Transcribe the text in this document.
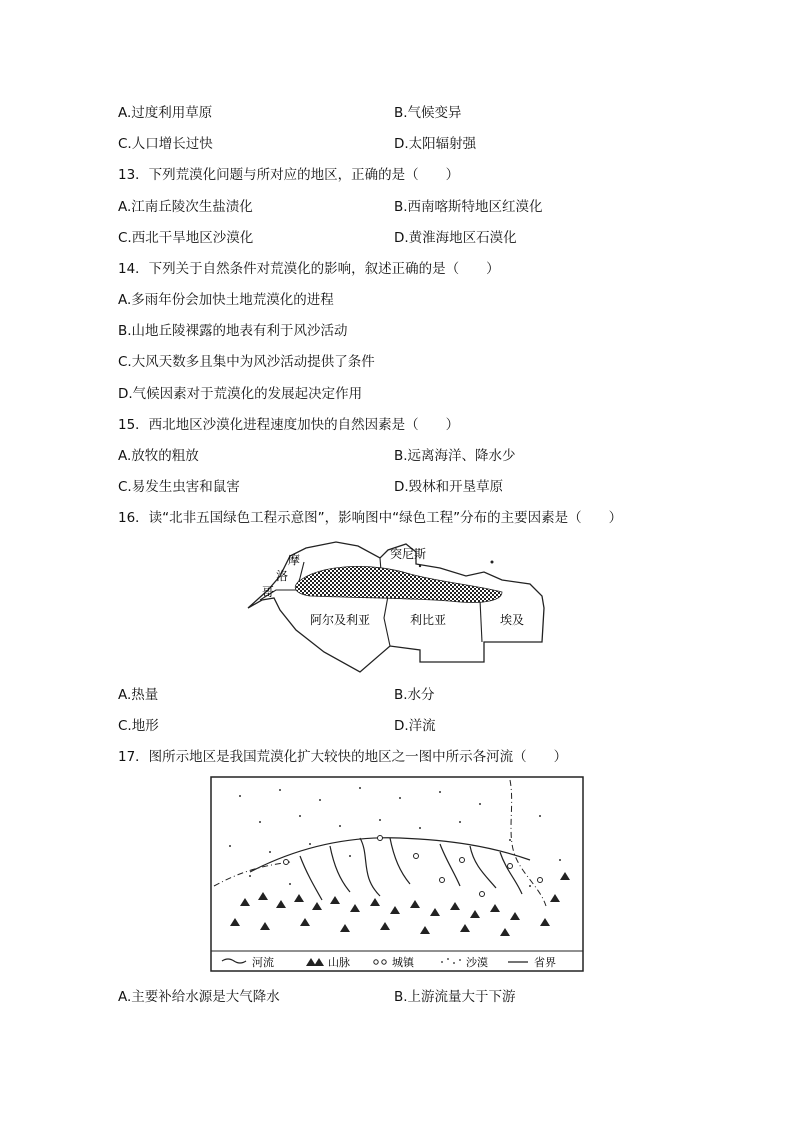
A.过度利用草原	B.气候变异
C.人口增长过快	D.太阳辐射强
13．下列荒漠化问题与所对应的地区，正确的是（　　）
A.江南丘陵次生盐渍化	B.西南喀斯特地区红漠化
C.西北干旱地区沙漠化	D.黄淮海地区石漠化
14．下列关于自然条件对荒漠化的影响，叙述正确的是（　　）
A.多雨年份会加快土地荒漠化的进程
B.山地丘陵裸露的地表有利于风沙活动
C.大风天数多且集中为风沙活动提供了条件
D.气候因素对于荒漠化的发展起决定作用
15．西北地区沙漠化进程速度加快的自然因素是（　　）
A.放牧的粗放	B.远离海洋、降水少
C.易发生虫害和鼠害	D.毁林和开垦草原
16．读“北非五国绿色工程示意图”，影响图中“绿色工程”分布的主要因素是（　　）
摩
洛
哥
突尼斯
阿尔及利亚	利比亚	埃及
A.热量	B.水分
C.地形	D.洋流
17．图所示地区是我国荒漠化扩大较快的地区之一图中所示各河流（　　）
河流	山脉	城镇	沙漠	省界
A.主要补给水源是大气降水	B.上游流量大于下游
